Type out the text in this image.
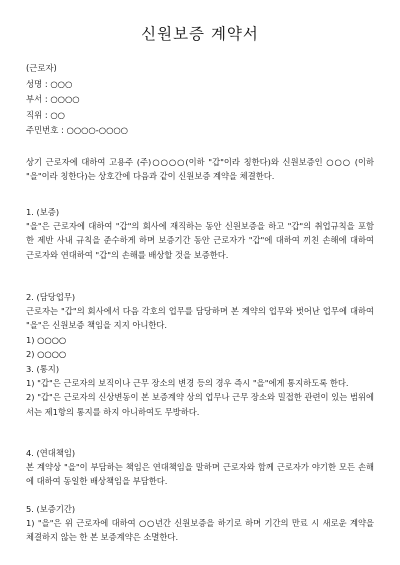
신원보증 계약서
(근로자)
성명 : ○○○
부서 : ○○○○
직위 : ○○
주민번호 : ○○○○-○○○○

상기 근로자에 대하여 고용주 (주)○○○○(이하 "갑"이라 칭한다)와 신원보증인 ○○○ (이하 "을"이라 칭한다)는 상호간에 다음과 같이 신원보증 계약을 체결한다.

1. (보증)

"을"은 근로자에 대하여 "갑"의 회사에 재직하는 동안 신원보증을 하고 "갑"의 취업규칙을 포함한 제반 사내 규칙을 준수하게 하며 보증기간 동안 근로자가 "갑"에 대하여 끼친 손해에 대하여 근로자와 연대하여 "갑"의 손해를 배상할 것을 보증한다.

2. (담당업무)

근로자는 "갑"의 회사에서 다음 각호의 업무를 담당하며 본 계약의 업무와 벗어난 업무에 대하여 "을"은 신원보증 책임을 지지 아니한다.

1) ○○○○

2) ○○○○

3. (통지)

1) "갑"은 근로자의 보직이나 근무 장소의 변경 등의 경우 즉시 "을"에게 통지하도록 한다.

2) "갑"은 근로자의 신상변동이 본 보증계약 상의 업무나 근무 장소와 밀접한 관련이 있는 범위에서는 제1항의 통지를 하지 아니하여도 무방하다.

4. (연대책임)

본 계약상 "을"이 부담하는 책임은 연대책임을 말하며 근로자와 함께 근로자가 야기한 모든 손해에 대하여 동일한 배상책임을 부담한다.

5. (보증기간)

1) "을"은 위 근로자에 대하여 ○○년간 신원보증을 하기로 하며 기간의 만료 시 새로운 계약을 체결하지 않는 한 본 보증계약은 소멸한다.
